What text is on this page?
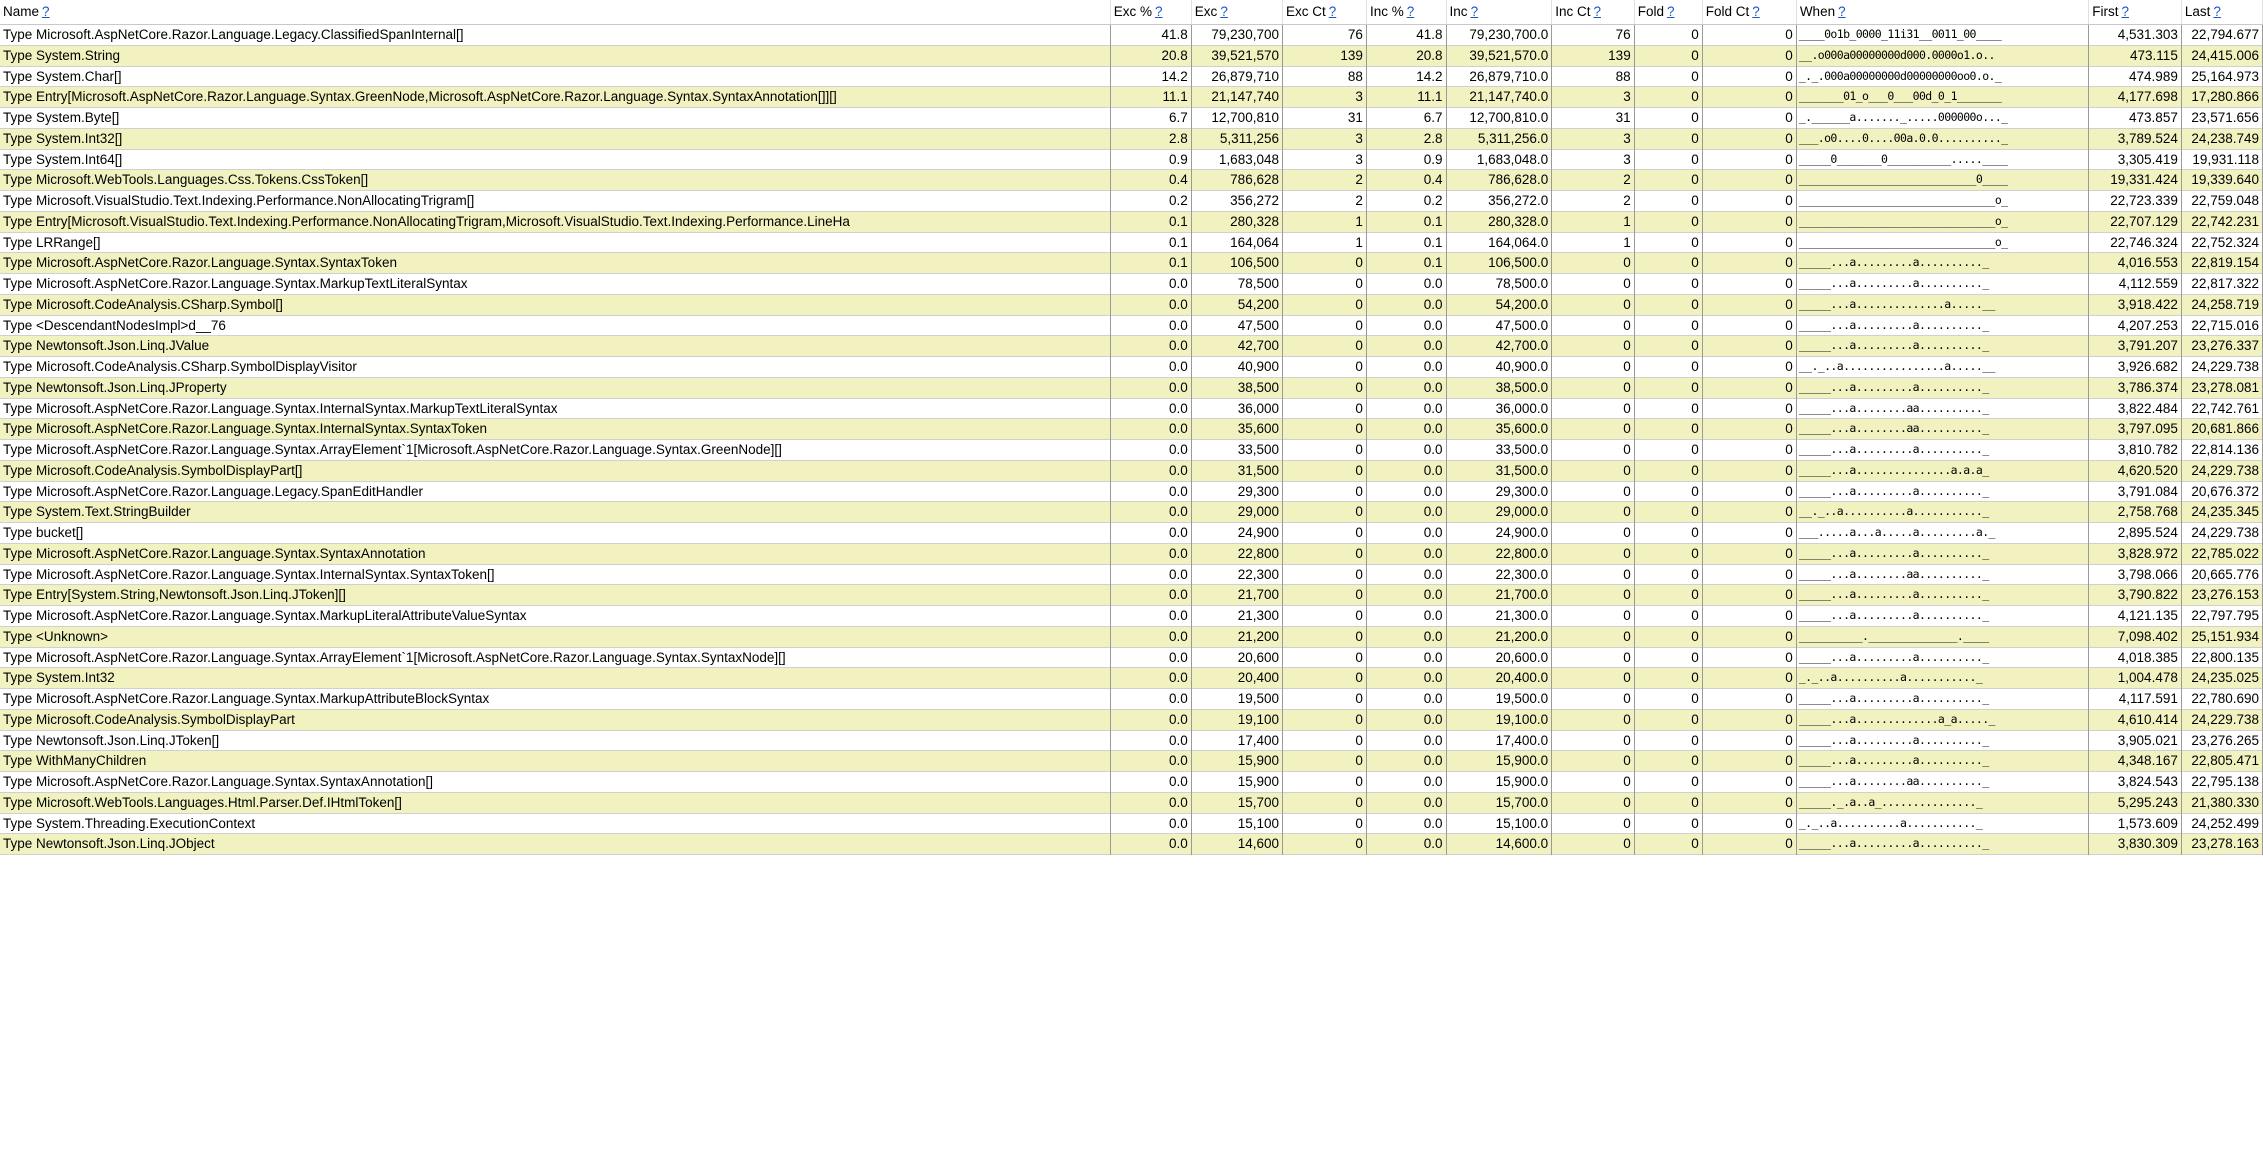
Name ?	Exc % ?	Exc ?	Exc Ct ?	Inc % ?	Inc ?	Inc Ct ?	Fold ?	Fold Ct ?	When ?	First ?	Last ?
Type Microsoft.AspNetCore.Razor.Language.Legacy.ClassifiedSpanInternal[]	41.8	79,230,700	76	41.8	79,230,700.0	76	0	0	____0o1b_0000_11i31__0011_00____	4,531.303	22,794.677
Type System.String	20.8	39,521,570	139	20.8	39,521,570.0	139	0	0	__.o000a00000000d000.0000o1.o..	473.115	24,415.006
Type System.Char[]	14.2	26,879,710	88	14.2	26,879,710.0	88	0	0	_._.000a00000000d00000000oo0.o._	474.989	25,164.973
Type Entry[Microsoft.AspNetCore.Razor.Language.Syntax.GreenNode,Microsoft.AspNetCore.Razor.Language.Syntax.SyntaxAnnotation[]][]	11.1	21,147,740	3	11.1	21,147,740.0	3	0	0	_______01_o___0___00d_0_1_______	4,177.698	17,280.866
Type System.Byte[]	6.7	12,700,810	31	6.7	12,700,810.0	31	0	0	_.______a......._.....000000o..._	473.857	23,571.656
Type System.Int32[]	2.8	5,311,256	3	2.8	5,311,256.0	3	0	0	___.o0....0....00a.0.0.........._	3,789.524	24,238.749
Type System.Int64[]	0.9	1,683,048	3	0.9	1,683,048.0	3	0	0	_____0_______0__________.....____	3,305.419	19,931.118
Type Microsoft.WebTools.Languages.Css.Tokens.CssToken[]	0.4	786,628	2	0.4	786,628.0	2	0	0	____________________________0____	19,331.424	19,339.640
Type Microsoft.VisualStudio.Text.Indexing.Performance.NonAllocatingTrigram[]	0.2	356,272	2	0.2	356,272.0	2	0	0	_______________________________o_	22,723.339	22,759.048
Type Entry[Microsoft.VisualStudio.Text.Indexing.Performance.NonAllocatingTrigram,Microsoft.VisualStudio.Text.Indexing.Performance.LineHa	0.1	280,328	1	0.1	280,328.0	1	0	0	_______________________________o_	22,707.129	22,742.231
Type LRRange[]	0.1	164,064	1	0.1	164,064.0	1	0	0	_______________________________o_	22,746.324	22,752.324
Type Microsoft.AspNetCore.Razor.Language.Syntax.SyntaxToken	0.1	106,500	0	0.1	106,500.0	0	0	0	_____...a.........a.........._	4,016.553	22,819.154
Type Microsoft.AspNetCore.Razor.Language.Syntax.MarkupTextLiteralSyntax	0.0	78,500	0	0.0	78,500.0	0	0	0	_____...a.........a.........._	4,112.559	22,817.322
Type Microsoft.CodeAnalysis.CSharp.Symbol[]	0.0	54,200	0	0.0	54,200.0	0	0	0	_____...a..............a.....__	3,918.422	24,258.719
Type <DescendantNodesImpl>d__76	0.0	47,500	0	0.0	47,500.0	0	0	0	_____...a.........a.........._	4,207.253	22,715.016
Type Newtonsoft.Json.Linq.JValue	0.0	42,700	0	0.0	42,700.0	0	0	0	_____...a.........a.........._	3,791.207	23,276.337
Type Microsoft.CodeAnalysis.CSharp.SymbolDisplayVisitor	0.0	40,900	0	0.0	40,900.0	0	0	0	__._..a................a.....__	3,926.682	24,229.738
Type Newtonsoft.Json.Linq.JProperty	0.0	38,500	0	0.0	38,500.0	0	0	0	_____...a.........a.........._	3,786.374	23,278.081
Type Microsoft.AspNetCore.Razor.Language.Syntax.InternalSyntax.MarkupTextLiteralSyntax	0.0	36,000	0	0.0	36,000.0	0	0	0	_____...a........aa.........._	3,822.484	22,742.761
Type Microsoft.AspNetCore.Razor.Language.Syntax.InternalSyntax.SyntaxToken	0.0	35,600	0	0.0	35,600.0	0	0	0	_____...a........aa.........._	3,797.095	20,681.866
Type Microsoft.AspNetCore.Razor.Language.Syntax.ArrayElement`1[Microsoft.AspNetCore.Razor.Language.Syntax.GreenNode][]	0.0	33,500	0	0.0	33,500.0	0	0	0	_____...a.........a.........._	3,810.782	22,814.136
Type Microsoft.CodeAnalysis.SymbolDisplayPart[]	0.0	31,500	0	0.0	31,500.0	0	0	0	_____...a...............a.a.a_	4,620.520	24,229.738
Type Microsoft.AspNetCore.Razor.Language.Legacy.SpanEditHandler	0.0	29,300	0	0.0	29,300.0	0	0	0	_____...a.........a.........._	3,791.084	20,676.372
Type System.Text.StringBuilder	0.0	29,000	0	0.0	29,000.0	0	0	0	__._..a..........a..........._	2,758.768	24,235.345
Type bucket[]	0.0	24,900	0	0.0	24,900.0	0	0	0	___.....a...a.....a.........a._	2,895.524	24,229.738
Type Microsoft.AspNetCore.Razor.Language.Syntax.SyntaxAnnotation	0.0	22,800	0	0.0	22,800.0	0	0	0	_____...a.........a.........._	3,828.972	22,785.022
Type Microsoft.AspNetCore.Razor.Language.Syntax.InternalSyntax.SyntaxToken[]	0.0	22,300	0	0.0	22,300.0	0	0	0	_____...a........aa.........._	3,798.066	20,665.776
Type Entry[System.String,Newtonsoft.Json.Linq.JToken][]	0.0	21,700	0	0.0	21,700.0	0	0	0	_____...a.........a.........._	3,790.822	23,276.153
Type Microsoft.AspNetCore.Razor.Language.Syntax.MarkupLiteralAttributeValueSyntax	0.0	21,300	0	0.0	21,300.0	0	0	0	_____...a.........a.........._	4,121.135	22,797.795
Type <Unknown>	0.0	21,200	0	0.0	21,200.0	0	0	0	__________.______________.____	7,098.402	25,151.934
Type Microsoft.AspNetCore.Razor.Language.Syntax.ArrayElement`1[Microsoft.AspNetCore.Razor.Language.Syntax.SyntaxNode][]	0.0	20,600	0	0.0	20,600.0	0	0	0	_____...a.........a.........._	4,018.385	22,800.135
Type System.Int32	0.0	20,400	0	0.0	20,400.0	0	0	0	_._..a..........a..........._	1,004.478	24,235.025
Type Microsoft.AspNetCore.Razor.Language.Syntax.MarkupAttributeBlockSyntax	0.0	19,500	0	0.0	19,500.0	0	0	0	_____...a.........a.........._	4,117.591	22,780.690
Type Microsoft.CodeAnalysis.SymbolDisplayPart	0.0	19,100	0	0.0	19,100.0	0	0	0	_____...a.............a_a....._	4,610.414	24,229.738
Type Newtonsoft.Json.Linq.JToken[]	0.0	17,400	0	0.0	17,400.0	0	0	0	_____...a.........a.........._	3,905.021	23,276.265
Type WithManyChildren	0.0	15,900	0	0.0	15,900.0	0	0	0	_____...a.........a.........._	4,348.167	22,805.471
Type Microsoft.AspNetCore.Razor.Language.Syntax.SyntaxAnnotation[]	0.0	15,900	0	0.0	15,900.0	0	0	0	_____...a........aa.........._	3,824.543	22,795.138
Type Microsoft.WebTools.Languages.Html.Parser.Def.IHtmlToken[]	0.0	15,700	0	0.0	15,700.0	0	0	0	_____._.a..a_..............._	5,295.243	21,380.330
Type System.Threading.ExecutionContext	0.0	15,100	0	0.0	15,100.0	0	0	0	_._..a..........a..........._	1,573.609	24,252.499
Type Newtonsoft.Json.Linq.JObject	0.0	14,600	0	0.0	14,600.0	0	0	0	_____...a.........a.........._	3,830.309	23,278.163
